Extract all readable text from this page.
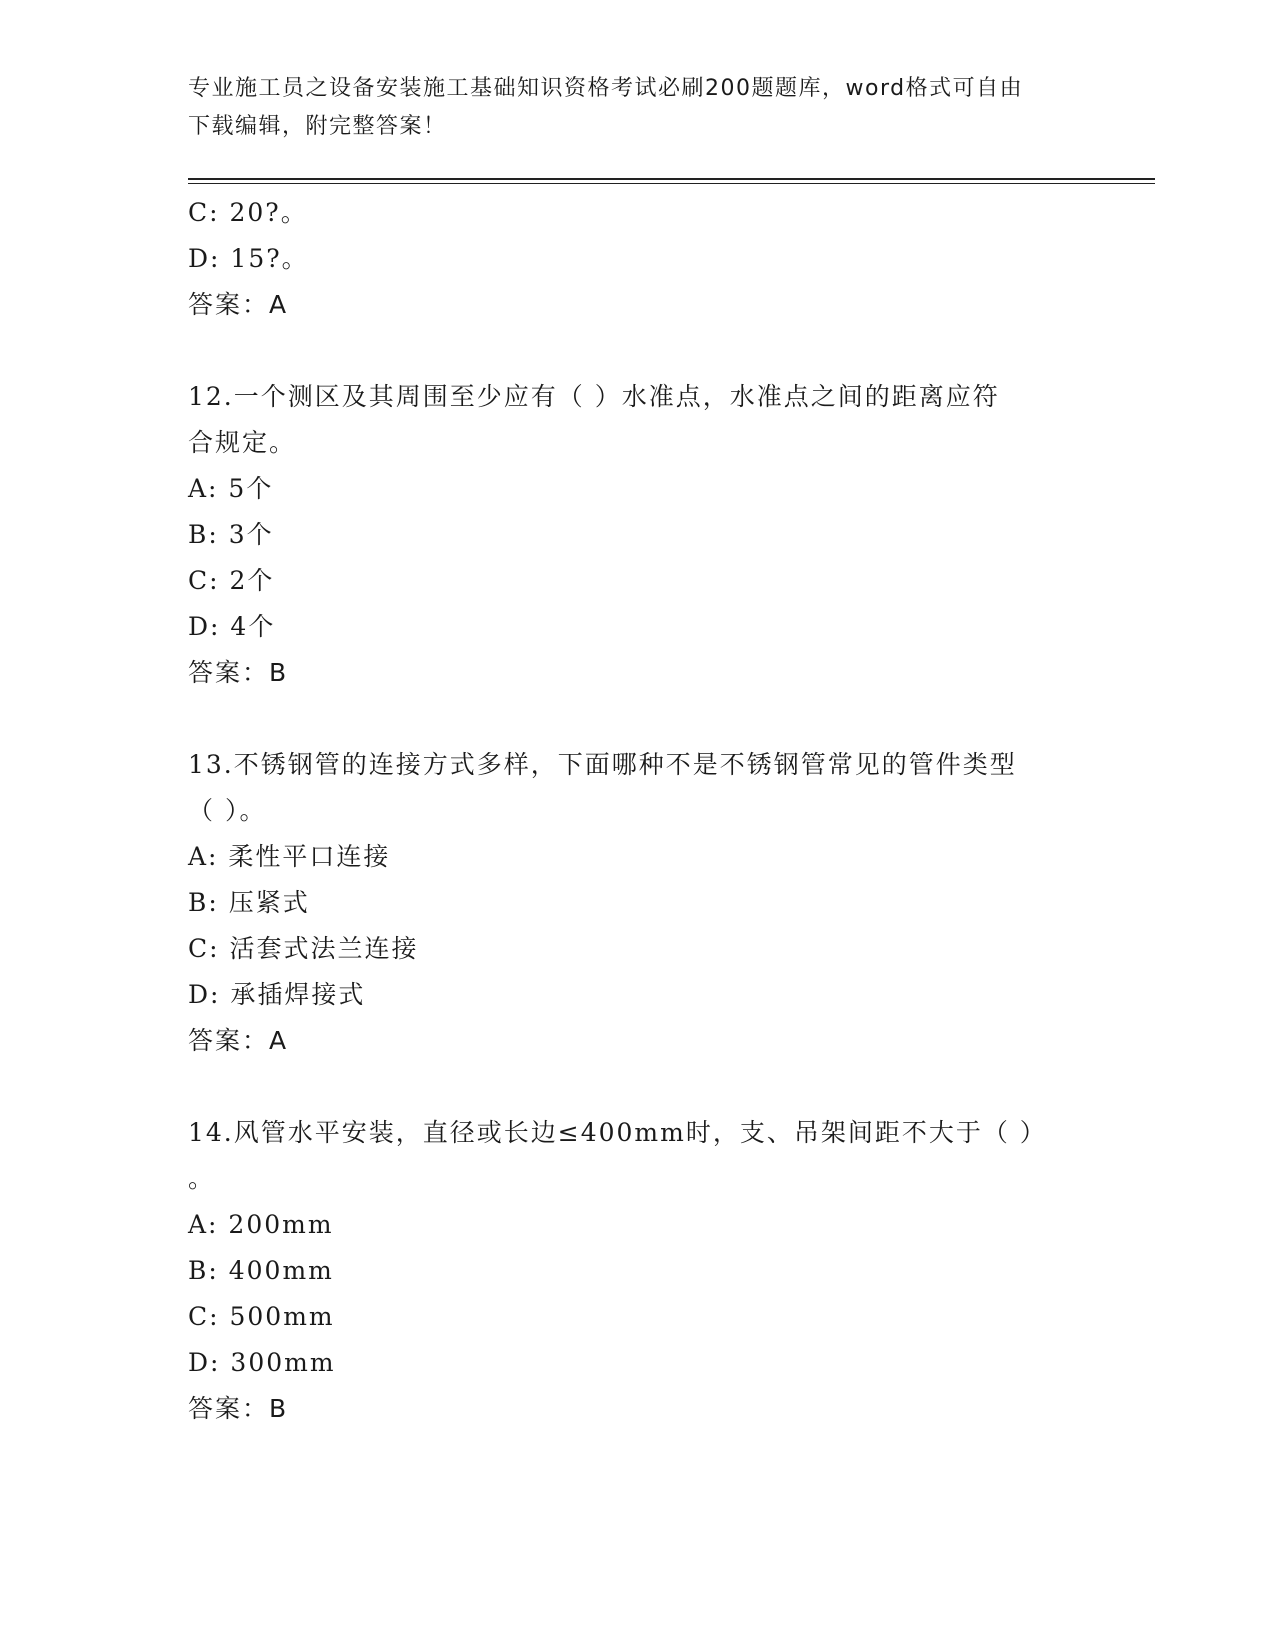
专业施工员之设备安装施工基础知识资格考试必刷200题题库，word格式可自由
下载编辑，附完整答案！
C: 20?。
D: 15?。
答案：A
12.一个测区及其周围至少应有（ ）水准点，水准点之间的距离应符
合规定。
A: 5个
B: 3个
C: 2个
D: 4个
答案：B
13.不锈钢管的连接方式多样，下面哪种不是不锈钢管常见的管件类型
（ ）。
A: 柔性平口连接
B: 压紧式
C: 活套式法兰连接
D: 承插焊接式
答案：A
14.风管水平安装，直径或长边≤400mm时，支、吊架间距不大于（ ）
。
A: 200mm
B: 400mm
C: 500mm
D: 300mm
答案：B
